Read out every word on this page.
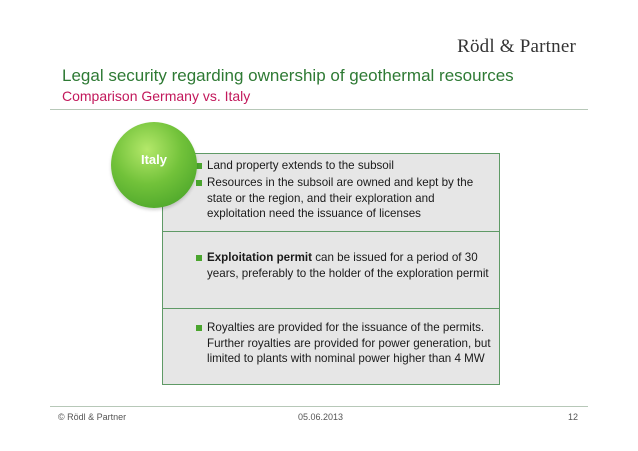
Rödl & Partner
Legal security regarding ownership of geothermal resources
Comparison Germany vs. Italy
Land property extends to the subsoil
Resources in the subsoil are owned and kept by the state or the region, and their exploration and exploitation need the issuance of licenses
Exploitation permit can be issued for a period of 30 years, preferably to the holder of the exploration permit
Royalties are provided for the issuance of the permits. Further royalties are provided for power generation, but limited to plants with nominal power higher than 4 MW
Italy
© Rödl & Partner	05.06.2013	12
